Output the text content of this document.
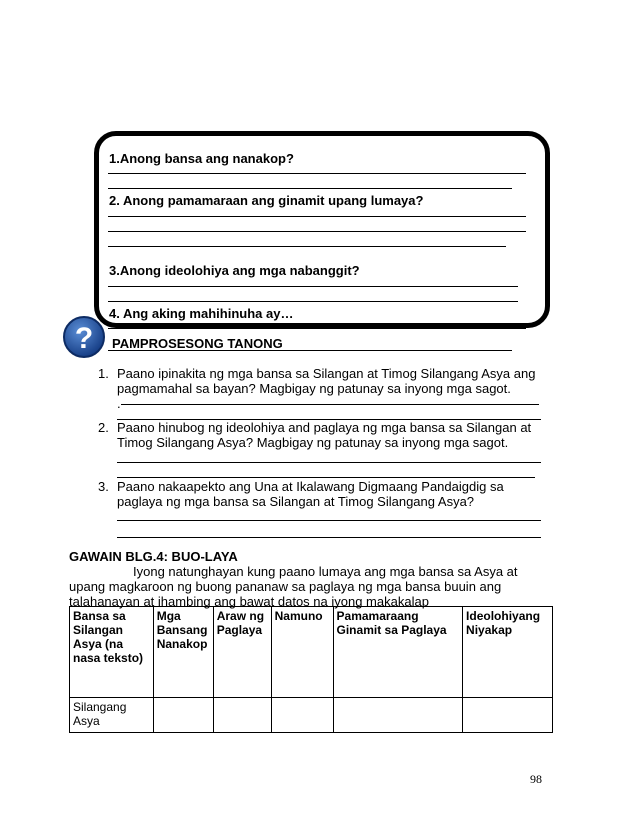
1.Anong bansa ang nanakop?
2. Anong pamamaraan ang ginamit upang lumaya?
3.Anong ideolohiya ang mga nabanggit?
4. Ang aking mahihinuha ay…
? PAMPROSESONG TANONG
1. Paano ipinakita ng mga bansa sa Silangan at Timog Silangang Asya ang pagmamahal sa bayan? Magbigay ng patunay sa inyong mga sagot.
.
2. Paano hinubog ng ideolohiya and paglaya ng mga bansa sa Silangan at Timog Silangang Asya? Magbigay ng patunay sa inyong mga sagot.
3. Paano nakaapekto ang Una at Ikalawang Digmaang Pandaigdig sa paglaya ng mga bansa sa Silangan at Timog Silangang Asya?
GAWAIN BLG.4: BUO-LAYA
Iyong natunghayan kung paano lumaya ang mga bansa sa Asya at upang magkaroon ng buong pananaw sa paglaya ng mga bansa buuin ang talahanayan at ihambing ang bawat datos na iyong makakalap
Bansa sa Silangan Asya (na nasa teksto)	Mga Bansang Nanakop	Araw ng Paglaya	Namuno	Pamamaraang Ginamit sa Paglaya	Ideolohiyang Niyakap
Silangang Asya					
98
